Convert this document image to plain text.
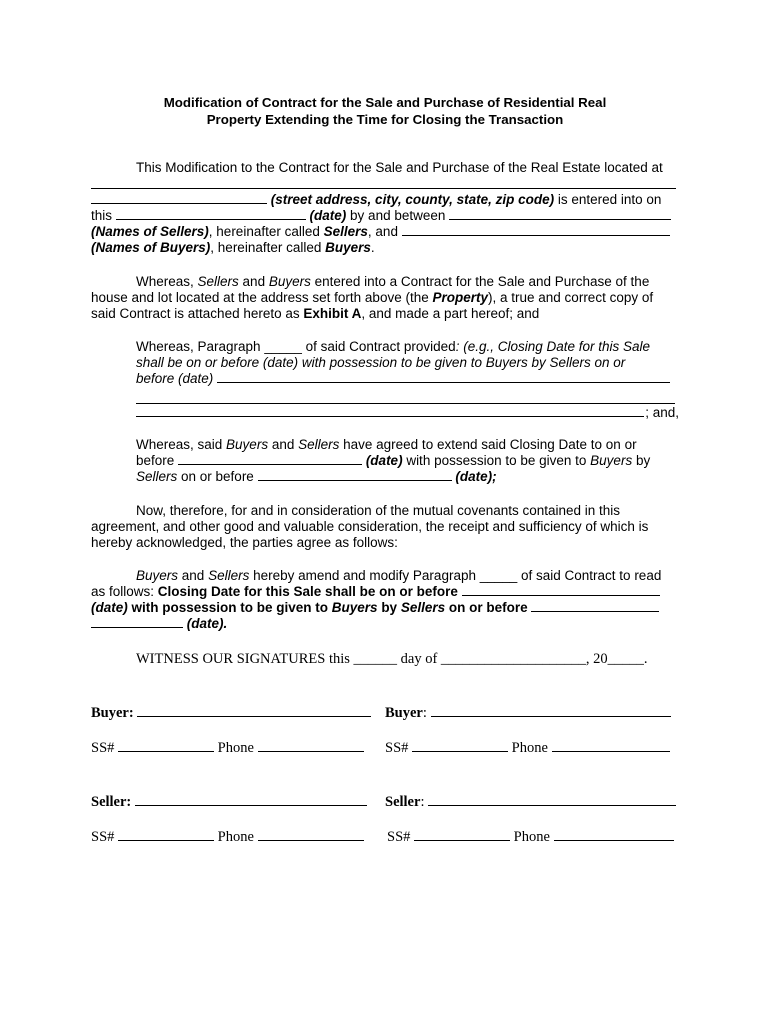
Modification of Contract for the Sale and Purchase of Residential Real
Property Extending the Time for Closing the Transaction
This Modification to the Contract for the Sale and Purchase of the Real Estate located at
(street address, city, county, state, zip code) is entered into on
this	(date) by and between
(Names of Sellers), hereinafter called Sellers, and
(Names of Buyers), hereinafter called Buyers.
Whereas, Sellers and Buyers entered into a Contract for the Sale and Purchase of the
house and lot located at the address set forth above (the Property), a true and correct copy of
said Contract is attached hereto as Exhibit A, and made a part hereof; and
Whereas, Paragraph _____ of said Contract provided: (e.g., Closing Date for this Sale
shall be on or before (date) with possession to be given to Buyers by Sellers on or
before (date)
; and,
Whereas, said Buyers and Sellers have agreed to extend said Closing Date to on or
before	(date) with possession to be given to Buyers by
Sellers on or before	(date);
Now, therefore, for and in consideration of the mutual covenants contained in this
agreement, and other good and valuable consideration, the receipt and sufficiency of which is
hereby acknowledged, the parties agree as follows:
Buyers and Sellers hereby amend and modify Paragraph _____ of said Contract to read
as follows: Closing Date for this Sale shall be on or before
(date) with possession to be given to Buyers by Sellers on or before
(date).
WITNESS OUR SIGNATURES this ______ day of ____________________, 20_____.
Buyer:	Buyer:
SS#	Phone	SS#	Phone
Seller:	Seller:
SS#	Phone	SS#	Phone
